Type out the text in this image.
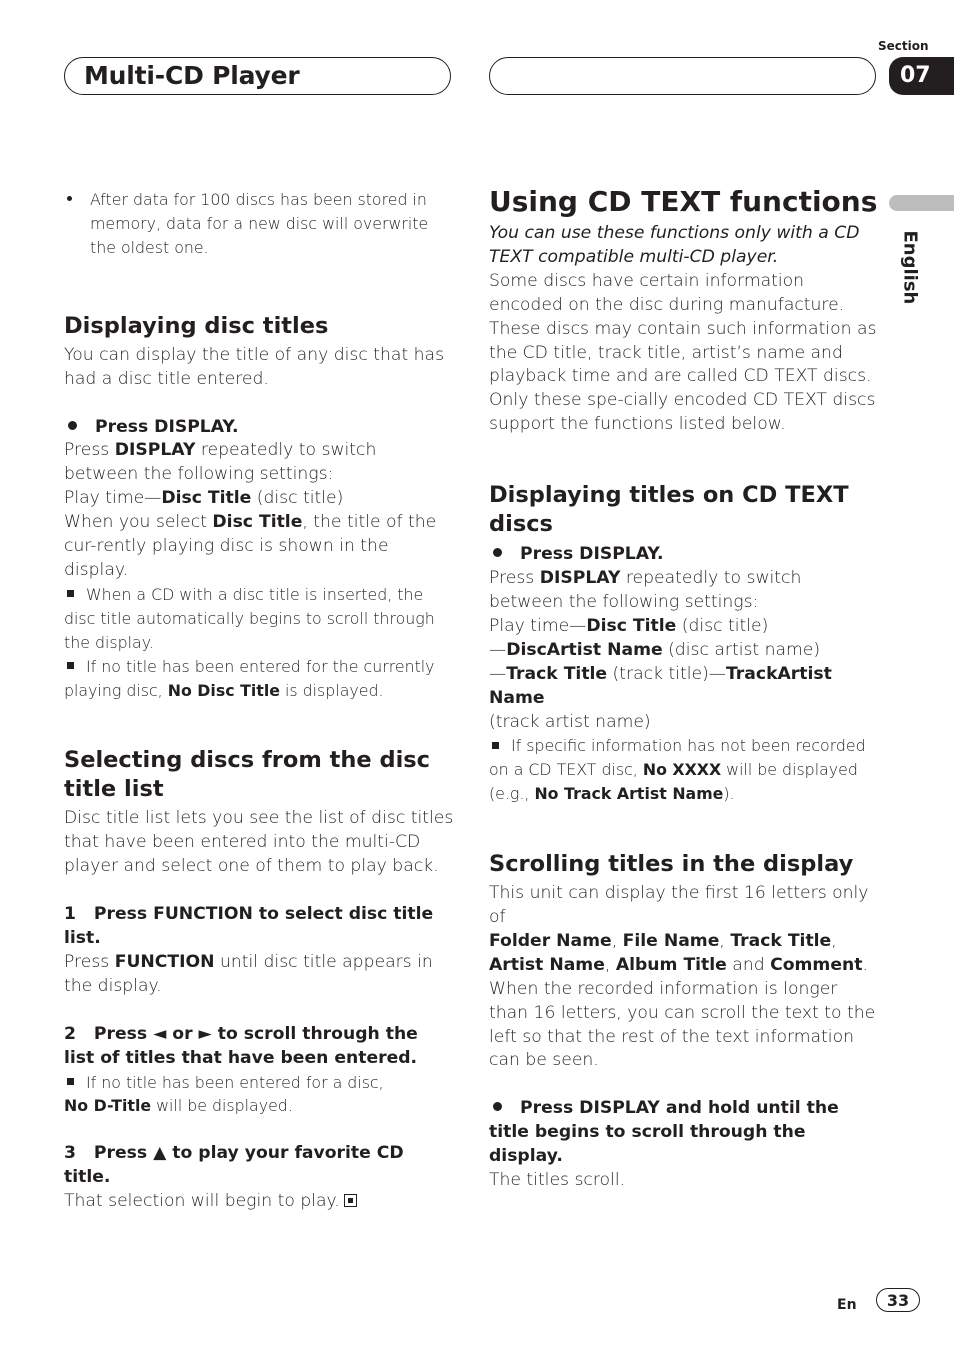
Multi-CD Player
Section
07
English

After data for 100 discs has been stored in memory, data for a new disc will overwrite the oldest one.

Displaying disc titles

You can display the title of any disc that has had a disc title entered.

Press DISPLAY.

Press DISPLAY repeatedly to switch between the following settings:

Play time—Disc Title (disc title)

When you select Disc Title, the title of the cur-rently playing disc is shown in the display.

When a CD with a disc title is inserted, the disc title automatically begins to scroll through the display.

If no title has been entered for the currently playing disc, No Disc Title is displayed.

Selecting discs from the disc title list

Disc title list lets you see the list of disc titles that have been entered into the multi-CD player and select one of them to play back.

1   Press FUNCTION to select disc title list.

Press FUNCTION until disc title appears in the display.

2   Press ◄ or ► to scroll through the list of titles that have been entered.

If no title has been entered for a disc,
No D-Title will be displayed.

3   Press ▲ to play your favorite CD title.

That selection will begin to play.

Using CD TEXT functions

You can use these functions only with a CD TEXT compatible multi-CD player.

Some discs have certain information encoded on the disc during manufacture. These discs may contain such information as the CD title, track title, artist’s name and playback time and are called CD TEXT discs. Only these spe-cially encoded CD TEXT discs support the functions listed below.

Displaying titles on CD TEXT discs

Press DISPLAY.

Press DISPLAY repeatedly to switch between the following settings:

Play time—Disc Title (disc title)
—DiscArtist Name (disc artist name)
—Track Title (track title)—TrackArtist Name
(track artist name)

If specific information has not been recorded on a CD TEXT disc, No XXXX will be displayed (e.g., No Track Artist Name).

Scrolling titles in the display

This unit can display the first 16 letters only of
Folder Name, File Name, Track Title,
Artist Name, Album Title and Comment.
When the recorded information is longer than 16 letters, you can scroll the text to the left so that the rest of the text information can be seen.

Press DISPLAY and hold until the title begins to scroll through the display.

The titles scroll.

En	33
